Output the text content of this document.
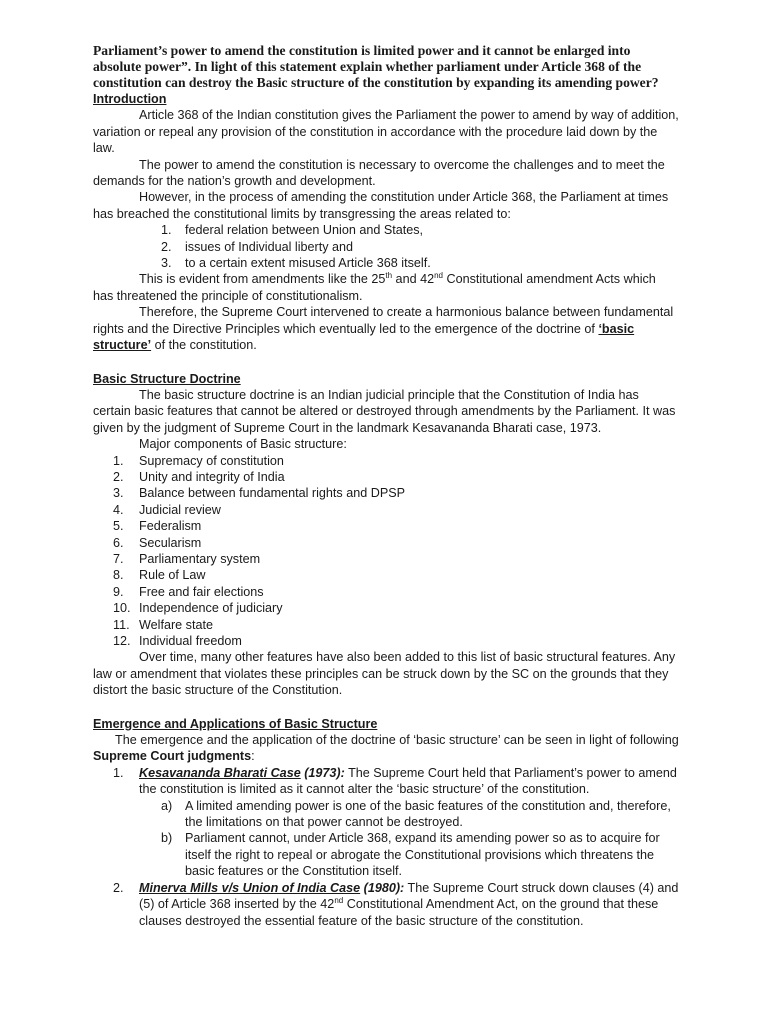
Parliament’s power to amend the constitution is limited power and it cannot be enlarged into absolute power”. In light of this statement explain whether parliament under Article 368 of the constitution can destroy the Basic structure of the constitution by expanding its amending power?

Introduction

Article 368 of the Indian constitution gives the Parliament the power to amend by way of addition, variation or repeal any provision of the constitution in accordance with the procedure laid down by the law.

The power to amend the constitution is necessary to overcome the challenges and to meet the demands for the nation’s growth and development.

However, in the process of amending the constitution under Article 368, the Parliament at times has breached the constitutional limits by transgressing the areas related to:

1. federal relation between Union and States,
2. issues of Individual liberty and
3. to a certain extent misused Article 368 itself.

This is evident from amendments like the 25th and 42nd Constitutional amendment Acts which has threatened the principle of constitutionalism.

Therefore, the Supreme Court intervened to create a harmonious balance between fundamental rights and the Directive Principles which eventually led to the emergence of the doctrine of ‘basic structure’ of the constitution.

Basic Structure Doctrine

The basic structure doctrine is an Indian judicial principle that the Constitution of India has certain basic features that cannot be altered or destroyed through amendments by the Parliament. It was given by the judgment of Supreme Court in the landmark Kesavananda Bharati case, 1973.

Major components of Basic structure:

1. Supremacy of constitution
2. Unity and integrity of India
3. Balance between fundamental rights and DPSP
4. Judicial review
5. Federalism
6. Secularism
7. Parliamentary system
8. Rule of Law
9. Free and fair elections
10. Independence of judiciary
11. Welfare state
12. Individual freedom

Over time, many other features have also been added to this list of basic structural features. Any law or amendment that violates these principles can be struck down by the SC on the grounds that they distort the basic structure of the Constitution.

Emergence and Applications of Basic Structure

The emergence and the application of the doctrine of ‘basic structure’ can be seen in light of following Supreme Court judgments:

1. Kesavananda Bharati Case (1973): The Supreme Court held that Parliament’s power to amend the constitution is limited as it cannot alter the ‘basic structure’ of the constitution.
a) A limited amending power is one of the basic features of the constitution and, therefore, the limitations on that power cannot be destroyed.
b) Parliament cannot, under Article 368, expand its amending power so as to acquire for itself the right to repeal or abrogate the Constitutional provisions which threatens the basic features or the Constitution itself.
2. Minerva Mills v/s Union of India Case (1980): The Supreme Court struck down clauses (4) and (5) of Article 368 inserted by the 42nd Constitutional Amendment Act, on the ground that these clauses destroyed the essential feature of the basic structure of the constitution.
